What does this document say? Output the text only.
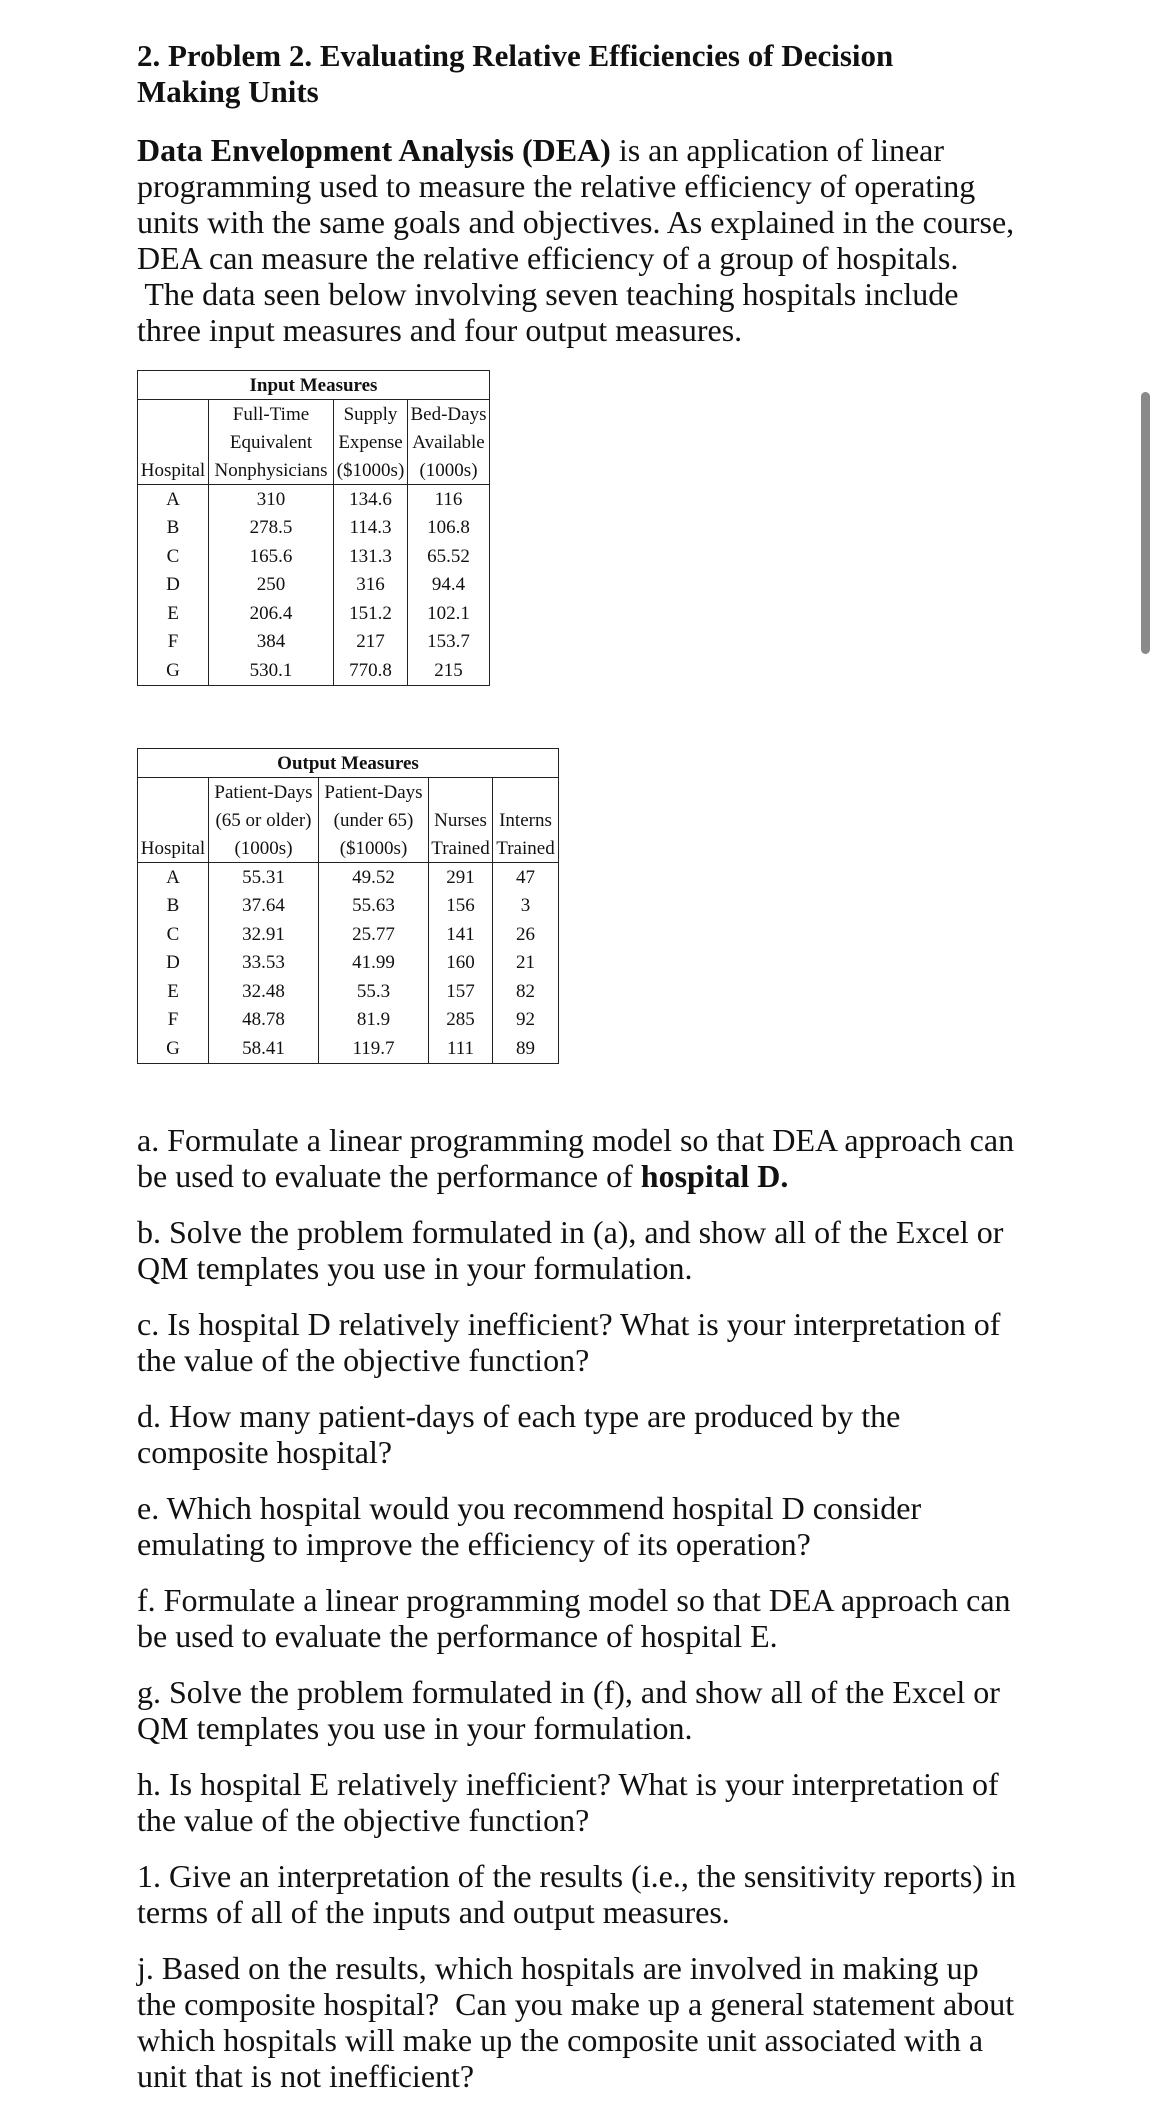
2. Problem 2. Evaluating Relative Efficiencies of Decision
Making Units

Data Envelopment Analysis (DEA) is an application of linear
programming used to measure the relative efficiency of operating
units with the same goals and objectives. As explained in the course,
DEA can measure the relative efficiency of a group of hospitals.
The data seen below involving seven teaching hospitals include
three input measures and four output measures.

Input Measures			
	Full-Time	Supply	Bed-Days
	Equivalent	Expense	Available
Hospital	Nonphysicians	($1000s)	(1000s)
A	310	134.6	116
B	278.5	114.3	106.8
C	165.6	131.3	65.52
D	250	316	94.4
E	206.4	151.2	102.1
F	384	217	153.7
G	530.1	770.8	215
Output Measures				
	Patient-Days	Patient-Days		
	(65 or older)	(under 65)	Nurses	Interns
Hospital	(1000s)	($1000s)	Trained	Trained
A	55.31	49.52	291	47
B	37.64	55.63	156	3
C	32.91	25.77	141	26
D	33.53	41.99	160	21
E	32.48	55.3	157	82
F	48.78	81.9	285	92
G	58.41	119.7	111	89

a. Formulate a linear programming model so that DEA approach can
be used to evaluate the performance of hospital D.

b. Solve the problem formulated in (a), and show all of the Excel or
QM templates you use in your formulation.

c. Is hospital D relatively inefficient? What is your interpretation of
the value of the objective function?

d. How many patient-days of each type are produced by the
composite hospital?

e. Which hospital would you recommend hospital D consider
emulating to improve the efficiency of its operation?

f. Formulate a linear programming model so that DEA approach can
be used to evaluate the performance of hospital E.

g. Solve the problem formulated in (f), and show all of the Excel or
QM templates you use in your formulation.

h. Is hospital E relatively inefficient? What is your interpretation of
the value of the objective function?

1. Give an interpretation of the results (i.e., the sensitivity reports) in
terms of all of the inputs and output measures.

j. Based on the results, which hospitals are involved in making up
the composite hospital?  Can you make up a general statement about
which hospitals will make up the composite unit associated with a
unit that is not inefficient?
